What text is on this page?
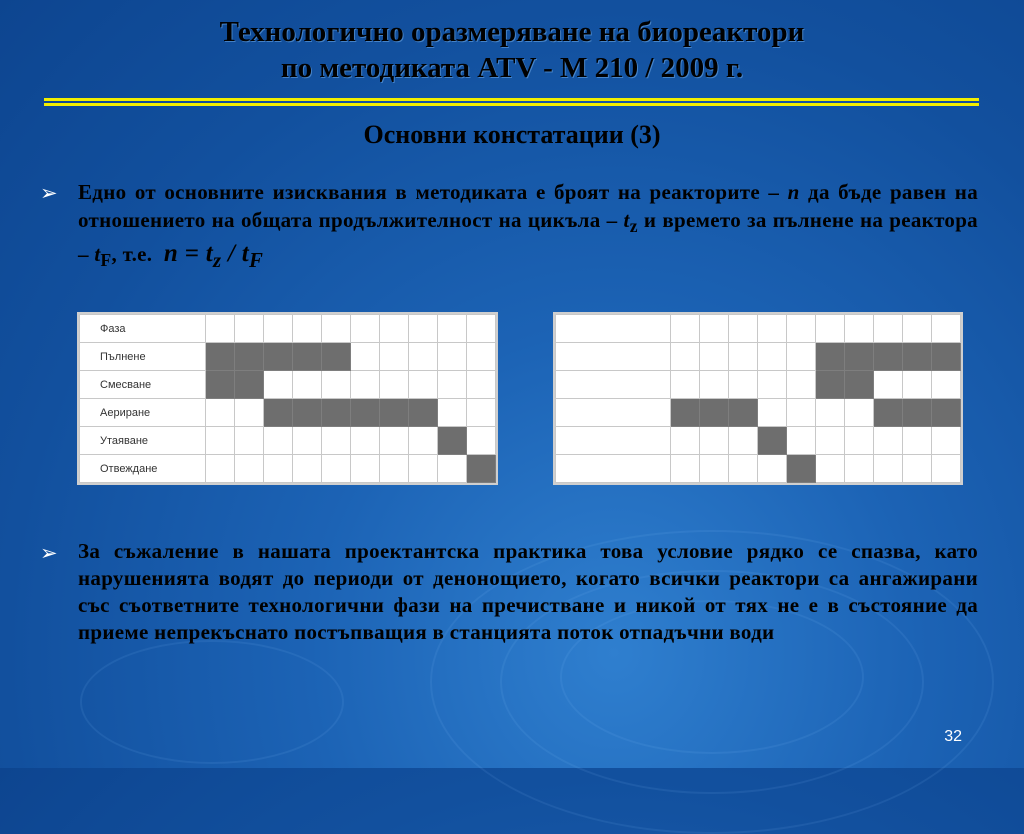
Технологично оразмеряване на биореактори
по методиката ATV - M 210 / 2009 г.
Основни констатации (3)
➢ Едно от основните изисквания в методиката е броят на реакторите – n да бъде равен на отношението на общата продължителност на цикъла – $t_z$ и времето за пълнене на реактора – $t_F$, т.е. $n = t_z / t_F$
Фаза										
Пълнене										
Смесване										
Аериране										
Утаяване										
Отвеждане										

➢ За съжаление в нашата проектантска практика това условие рядко се спазва, като нарушенията водят до периоди от денонощието, когато всички реактори са ангажирани със съответните технологични фази на пречистване и никой от тях не е в състояние да приеме непрекъснато постъпващия в станцията поток отпадъчни води
32
